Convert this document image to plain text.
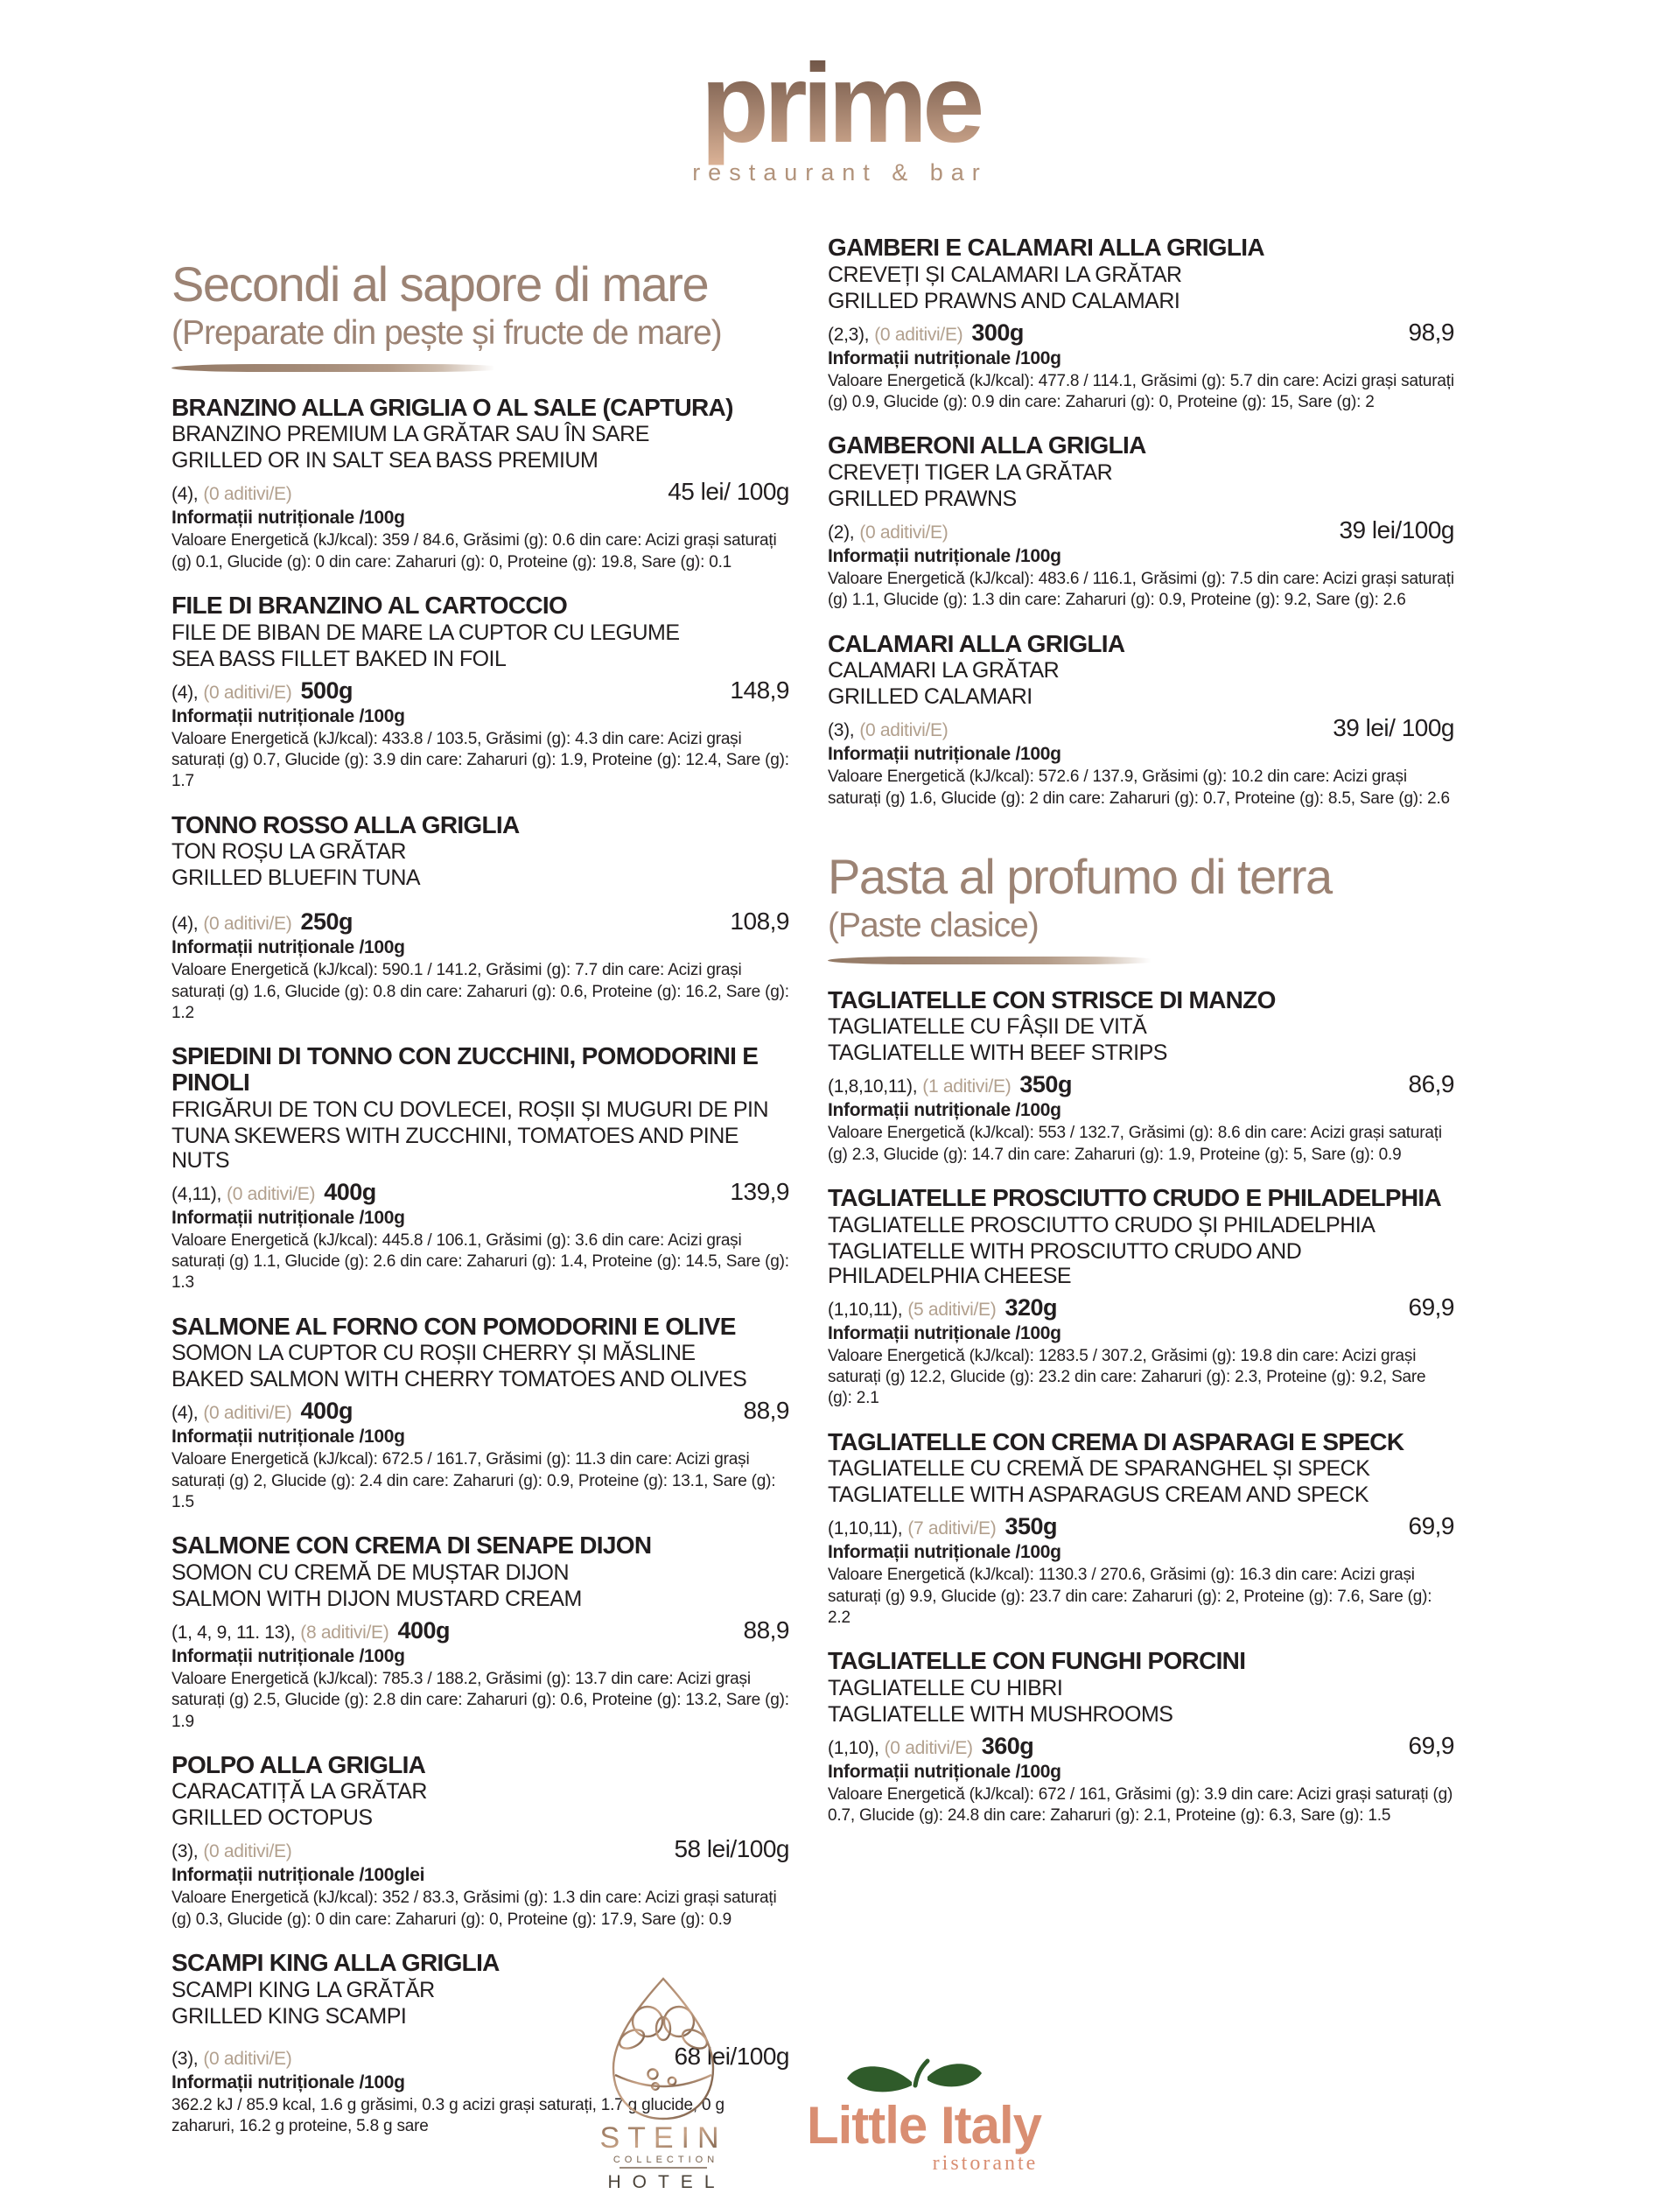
prime
restaurant & bar
Secondi al sapore di mare
(Preparate din pește și fructe de mare)
BRANZINO ALLA GRIGLIA O AL SALE (CAPTURA)

BRANZINO PREMIUM LA GRĂTAR SAU ÎN SARE

GRILLED OR IN SALT SEA BASS PREMIUM

(4), (0 aditivi/E)	45 lei/ 100g

Informații nutriționale /100g

Valoare Energetică (kJ/kcal): 359 / 84.6, Grăsimi (g): 0.6 din care: Acizi grași saturați (g) 0.1, Glucide (g): 0 din care: Zaharuri (g): 0, Proteine (g): 19.8, Sare (g): 0.1

FILE DI BRANZINO AL CARTOCCIO

FILE DE BIBAN DE MARE LA CUPTOR CU LEGUME

SEA BASS FILLET BAKED IN FOIL

(4), (0 aditivi/E) 500g	148,9

Informații nutriționale /100g

Valoare Energetică (kJ/kcal): 433.8 / 103.5, Grăsimi (g): 4.3 din care: Acizi grași saturați (g) 0.7, Glucide (g): 3.9 din care: Zaharuri (g): 1.9, Proteine (g): 12.4, Sare (g): 1.7

TONNO ROSSO ALLA GRIGLIA

TON ROȘU LA GRĂTAR

GRILLED BLUEFIN TUNA

(4), (0 aditivi/E) 250g	108,9

Informații nutriționale /100g

Valoare Energetică (kJ/kcal): 590.1 / 141.2, Grăsimi (g): 7.7 din care: Acizi grași saturați (g) 1.6, Glucide (g): 0.8 din care: Zaharuri (g): 0.6, Proteine (g): 16.2, Sare (g): 1.2

SPIEDINI DI TONNO CON ZUCCHINI, POMODORINI E PINOLI

FRIGĂRUI DE TON CU DOVLECEI, ROȘII ȘI MUGURI DE PIN

TUNA SKEWERS WITH ZUCCHINI, TOMATOES AND PINE NUTS

(4,11), (0 aditivi/E) 400g	139,9

Informații nutriționale /100g

Valoare Energetică (kJ/kcal): 445.8 / 106.1, Grăsimi (g): 3.6 din care: Acizi grași saturați (g) 1.1, Glucide (g): 2.6 din care: Zaharuri (g): 1.4, Proteine (g): 14.5, Sare (g): 1.3

SALMONE AL FORNO CON POMODORINI E OLIVE

SOMON LA CUPTOR CU ROȘII CHERRY ȘI MĂSLINE

BAKED SALMON WITH CHERRY TOMATOES AND OLIVES

(4), (0 aditivi/E) 400g	88,9

Informații nutriționale /100g

Valoare Energetică (kJ/kcal): 672.5 / 161.7, Grăsimi (g): 11.3 din care: Acizi grași saturați (g) 2, Glucide (g): 2.4 din care: Zaharuri (g): 0.9, Proteine (g): 13.1, Sare (g): 1.5

SALMONE CON CREMA DI SENAPE DIJON

SOMON CU CREMĂ DE MUȘTAR DIJON

SALMON WITH DIJON MUSTARD CREAM

(1, 4, 9, 11. 13), (8 aditivi/E) 400g	88,9

Informații nutriționale /100g

Valoare Energetică (kJ/kcal): 785.3 / 188.2, Grăsimi (g): 13.7 din care: Acizi grași saturați (g) 2.5, Glucide (g): 2.8 din care: Zaharuri (g): 0.6, Proteine (g): 13.2, Sare (g): 1.9

POLPO ALLA GRIGLIA

CARACATIȚĂ LA GRĂTAR

GRILLED OCTOPUS

(3), (0 aditivi/E)	58 lei/100g

Informații nutriționale /100glei

Valoare Energetică (kJ/kcal): 352 / 83.3, Grăsimi (g): 1.3 din care: Acizi grași saturați (g) 0.3, Glucide (g): 0 din care: Zaharuri (g): 0, Proteine (g): 17.9, Sare (g): 0.9

SCAMPI KING ALLA GRIGLIA

SCAMPI KING LA GRĂTĂR

GRILLED KING SCAMPI

(3), (0 aditivi/E)	68 lei/100g

Informații nutriționale /100g

362.2 kJ / 85.9 kcal, 1.6 g grăsimi, 0.3 g acizi grași saturați, 1.7 g glucide, 0 g zaharuri, 16.2 g proteine, 5.8 g sare

GAMBERI E CALAMARI ALLA GRIGLIA

CREVEȚI ȘI CALAMARI LA GRĂTAR

GRILLED PRAWNS AND CALAMARI

(2,3), (0 aditivi/E) 300g	98,9

Informații nutriționale /100g

Valoare Energetică (kJ/kcal): 477.8 / 114.1, Grăsimi (g): 5.7 din care: Acizi grași saturați (g) 0.9, Glucide (g): 0.9 din care: Zaharuri (g): 0, Proteine (g): 15, Sare (g): 2

GAMBERONI ALLA GRIGLIA

CREVEȚI TIGER LA GRĂTAR

GRILLED PRAWNS

(2), (0 aditivi/E)	39 lei/100g

Informații nutriționale /100g

Valoare Energetică (kJ/kcal): 483.6 / 116.1, Grăsimi (g): 7.5 din care: Acizi grași saturați (g) 1.1, Glucide (g): 1.3 din care: Zaharuri (g): 0.9, Proteine (g): 9.2, Sare (g): 2.6

CALAMARI ALLA GRIGLIA

CALAMARI LA GRĂTAR

GRILLED CALAMARI

(3), (0 aditivi/E)	39 lei/ 100g

Informații nutriționale /100g

Valoare Energetică (kJ/kcal): 572.6 / 137.9, Grăsimi (g): 10.2 din care: Acizi grași saturați (g) 1.6, Glucide (g): 2 din care: Zaharuri (g): 0.7, Proteine (g): 8.5, Sare (g): 2.6

Pasta al profumo di terra
(Paste clasice)
TAGLIATELLE CON STRISCE DI MANZO

TAGLIATELLE CU FÂȘII DE VITĂ

TAGLIATELLE WITH BEEF STRIPS

(1,8,10,11), (1 aditivi/E) 350g	86,9

Informații nutriționale /100g

Valoare Energetică (kJ/kcal): 553 / 132.7, Grăsimi (g): 8.6 din care: Acizi grași saturați (g) 2.3, Glucide (g): 14.7 din care: Zaharuri (g): 1.9, Proteine (g): 5, Sare (g): 0.9

TAGLIATELLE PROSCIUTTO CRUDO E PHILADELPHIA

TAGLIATELLE PROSCIUTTO CRUDO ȘI PHILADELPHIA

TAGLIATELLE WITH PROSCIUTTO CRUDO AND PHILADELPHIA CHEESE

(1,10,11), (5 aditivi/E) 320g	69,9

Informații nutriționale /100g

Valoare Energetică (kJ/kcal): 1283.5 / 307.2, Grăsimi (g): 19.8 din care: Acizi grași saturați (g) 12.2, Glucide (g): 23.2 din care: Zaharuri (g): 2.3, Proteine (g): 9.2, Sare (g): 2.1

TAGLIATELLE CON CREMA DI ASPARAGI E SPECK

TAGLIATELLE CU CREMĂ DE SPARANGHEL ȘI SPECK

TAGLIATELLE WITH ASPARAGUS CREAM AND SPECK

(1,10,11), (7 aditivi/E) 350g	69,9

Informații nutriționale /100g

Valoare Energetică (kJ/kcal): 1130.3 / 270.6, Grăsimi (g): 16.3 din care: Acizi grași saturați (g) 9.9, Glucide (g): 23.7 din care: Zaharuri (g): 2, Proteine (g): 7.6, Sare (g): 2.2

TAGLIATELLE CON FUNGHI PORCINI

TAGLIATELLE CU HIBRI

TAGLIATELLE WITH MUSHROOMS

(1,10), (0 aditivi/E) 360g	69,9

Informații nutriționale /100g

Valoare Energetică (kJ/kcal): 672 / 161, Grăsimi (g): 3.9 din care: Acizi grași saturați (g) 0.7, Glucide (g): 24.8 din care: Zaharuri (g): 2.1, Proteine (g): 6.3, Sare (g): 1.5

STEIN
COLLECTION
HOTEL
Little Italy
ristorante
